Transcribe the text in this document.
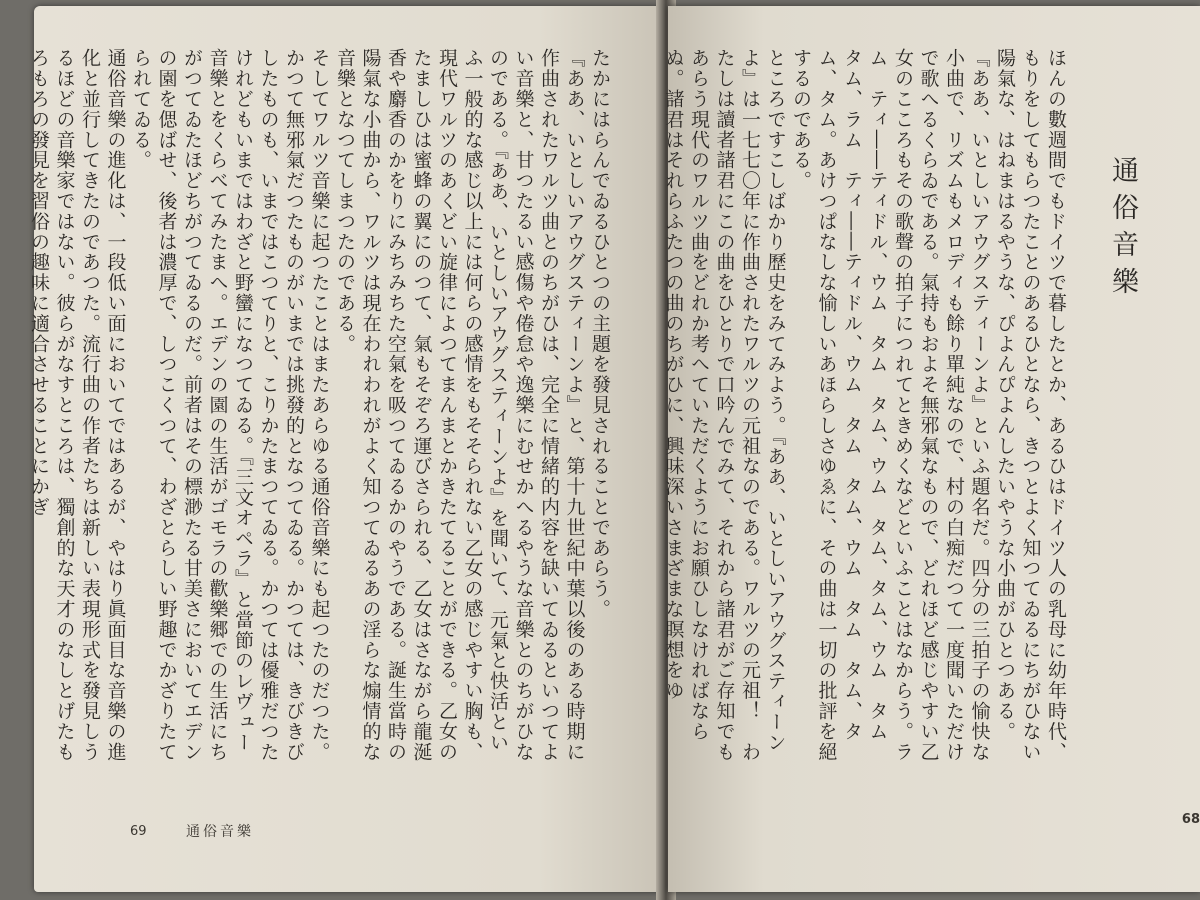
たかにはらんでゐるひとつの主題を發見されることであらう。

『ああ、いとしいアウグスティーンよ』と、第十九世紀中葉以後のある時期に作曲されたワルツ曲とのちがひは、完全に情緒的内容を缺いてゐるといつてよい音樂と、甘つたるい感傷や倦怠や逸樂にむせかへるやうな音樂とのちがひなのである。『ああ、いとしいアウグスティーンよ』を聞いて、元氣と快活といふ一般的な感じ以上には何らの感情をもそそられない乙女の感じやすい胸も、現代ワルツのあくどい旋律によつてまんまとかきたてることができる。乙女のたましひは蜜蜂の翼にのつて、氣もそぞろ運びさられる、乙女はさながら龍涎香や麝香のかをりにみちみちた空氣を吸つてゐるかのやうである。誕生當時の陽氣な小曲から、ワルツは現在われわれがよく知つてゐるあの淫らな煽情的な音樂となつてしまつたのである。

そしてワルツ音樂に起つたことはまたあらゆる通俗音樂にも起つたのだつた。かつて無邪氣だつたものがいまでは挑發的となつてゐる。かつては、きびきびしたものも、いまではこつてりと、こりかたまつてゐる。かつては優雅だつたけれどもいまではわざと野蠻になつてゐる。『三文オペラ』と當節のレヴュー音樂とをくらべてみたまへ。エデンの園の生活がゴモラの歡樂郷での生活にちがつてゐたほどちがつてゐるのだ。前者はその標渺たる甘美さにおいてエデンの園を偲ばせ、後者は濃厚で、しつこくつて、わざとらしい野趣でかざりたてられてゐる。

通俗音樂の進化は、一段低い面においてではあるが、やはり眞面目な音樂の進化と並行してきたのであつた。流行曲の作者たちは新しい表現形式を發見しうるほどの音樂家ではない。彼らがなすところは、獨創的な天才のなしとげたもろもろの發見を習俗の趣味に適合させることにかぎ

69	通俗音樂
通俗音樂

ほんの數週間でもドイツで暮したとか、あるひはドイツ人の乳母に幼年時代、もりをしてもらつたことのあるひとなら、きつとよく知つてゐるにちがひない陽氣な、はねまはるやうな、ぴよんぴよんしたいやうな小曲がひとつある。『ああ、いとしいアウグスティーンよ』といふ題名だ。四分の三拍子の愉快な小曲で、リズムもメロディも餘り單純なので、村の白痴だつて一度聞いただけで歌へるくらゐである。氣持もおよそ無邪氣なもので、どれほど感じやすい乙女のこころもその歌聲の拍子につれてときめくなどといふことはなからう。ラム　ティ――ティドル、ウム　タム　タム、ウム　タム、タム、ウム　タム　タム、ラム　ティ――ティドル、ウム　タム　タム、ウム　タム　タム、タム、タム。あけつぱなしな愉しいあほらしさゆゑに、その曲は一切の批評を絕するのである。

ところですこしばかり歷史をみてみよう。『ああ、いとしいアウグスティーンよ』は一七七〇年に作曲されたワルツの元祖なのである。ワルツの元祖！　わたしは讀者諸君にこの曲をひとりで口吟んでみて、それから諸君がご存知でもあらう現代のワルツ曲をどれか考へていただくようにお願ひしなければならぬ。諸君はそれらふたつの曲のちがひに、興味深いさまざまな瞑想をゆ

68
